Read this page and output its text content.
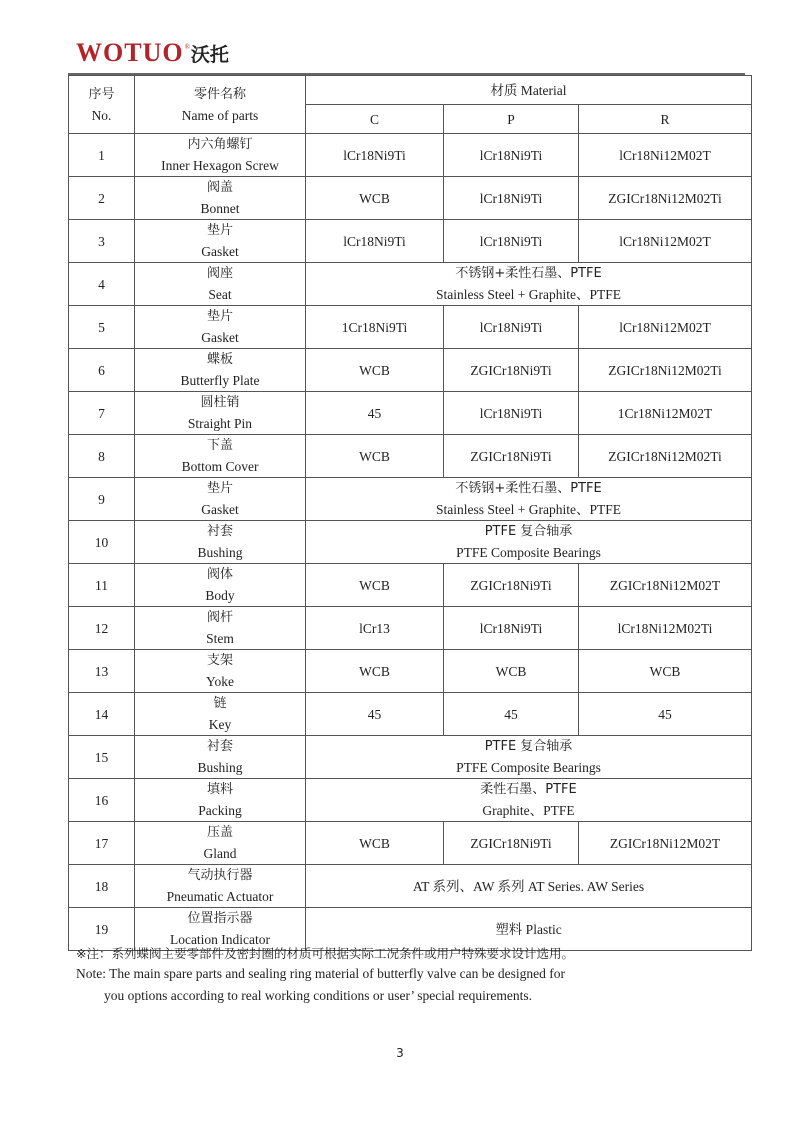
WOTUO ® 沃托
序号
No.	零件名称
Name of parts	材质 Material		
		C	P	R
1	内六角螺钉
Inner Hexagon Screw	lCr18Ni9Ti	lCr18Ni9Ti	lCr18Ni12M02T
2	阀盖
Bonnet	WCB	lCr18Ni9Ti	ZGICr18Ni12M02Ti
3	垫片
Gasket	lCr18Ni9Ti	lCr18Ni9Ti	lCr18Ni12M02T
4	阀座
Seat	不锈钢+柔性石墨、PTFE
Stainless Steel + Graphite、PTFE		

5	垫片
Gasket	1Cr18Ni9Ti	lCr18Ni9Ti	lCr18Ni12M02T
6	蝶板
Butterfly Plate	WCB	ZGICr18Ni9Ti	ZGICr18Ni12M02Ti
7	圆柱销
Straight Pin	45	lCr18Ni9Ti	1Cr18Ni12M02T
8	下盖
Bottom Cover	WCB	ZGICr18Ni9Ti	ZGICr18Ni12M02Ti
9	垫片
Gasket	不锈钢+柔性石墨、PTFE
Stainless Steel + Graphite、PTFE		

10	衬套
Bushing	PTFE 复合轴承
PTFE Composite Bearings		

11	阀体
Body	WCB	ZGICr18Ni9Ti	ZGICr18Ni12M02T
12	阀杆
Stem	lCr13	lCr18Ni9Ti	lCr18Ni12M02Ti
13	支架
Yoke	WCB	WCB	WCB
14	链
Key	45	45	45
15	衬套
Bushing	PTFE 复合轴承
PTFE Composite Bearings		

16	填料
Packing	柔性石墨、PTFE
Graphite、PTFE		

17	压盖
Gland	WCB	ZGICr18Ni9Ti	ZGICr18Ni12M02T
18	气动执行器
Pneumatic Actuator	AT 系列、AW 系列 AT Series. AW Series		
19	位置指示器
Location Indicator	塑料 Plastic		
※注：系列蝶阀主要零部件及密封圈的材质可根据实际工况条件或用户特殊要求设计选用。
Note: The main spare parts and sealing ring material of butterfly valve can be designed for
you options according to real working conditions or user’ special requirements.
3
